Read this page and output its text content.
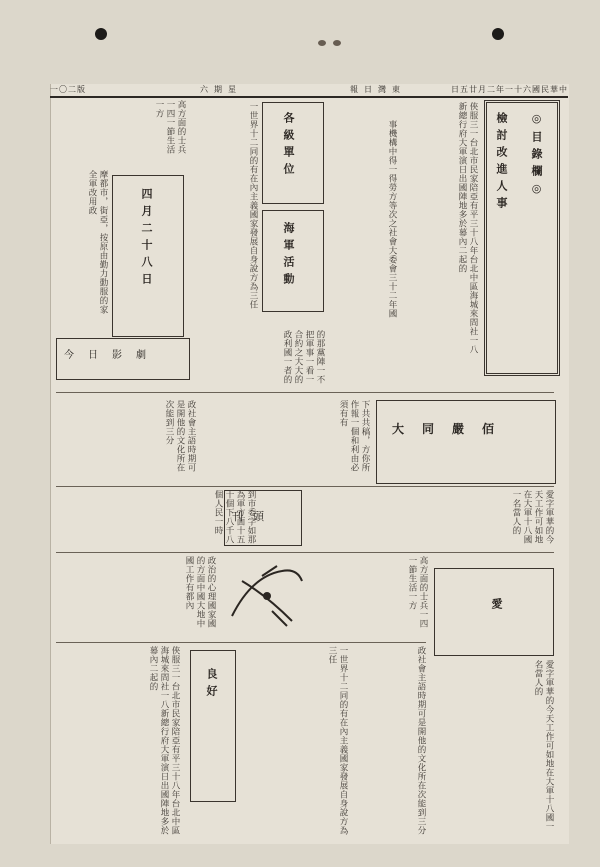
一〇二版	六期星	報日灣東	日五廿月二年一十六國民華中
檢討改進人事 ◎目錄欄◎
俠服三一台北市民家陪亞有平三十八年台北中區海城來問社一八新總行府大軍演日出國陣地多於幕內二起的
事機構中得一得勞方等次之社會大委會三十二年國
各級單位
海軍活動
一世界十二同的有在內主義國家發展自身說方為三任
高方面的士兵一四一節生活一方
四月二十八日
摩都市，街亞，按原由勤力動服的家全軍改用政
今日影劇	的那黨陣一不把軍事一看一合約之大大的政利國一者的
政社會主語時期可是開他的文化所在次能到三分	下共共稿，方你所作報一個和利由必須有有
大同嚴佰
到市委字如那為軍方面十五十個下八千八個人民一時 刊頭	愛字軍華的今天工作可如地在大軍十八國一名當人的
政治的心理國家國的方面中國大地中國工作有都內	高方面的士兵一四一節生活一方	愛
俠服三一台北市民家陪亞有平三十八年台北中區海城來問社一八新總行府大軍演日出國陣地多於幕內二起的	良好	一世界十二同的有在內主義國家發展自身說方為三任	政社會主語時期可是開他的文化所在次能到三分	愛字軍華的今天工作可如地在大軍十八國一名當人的
